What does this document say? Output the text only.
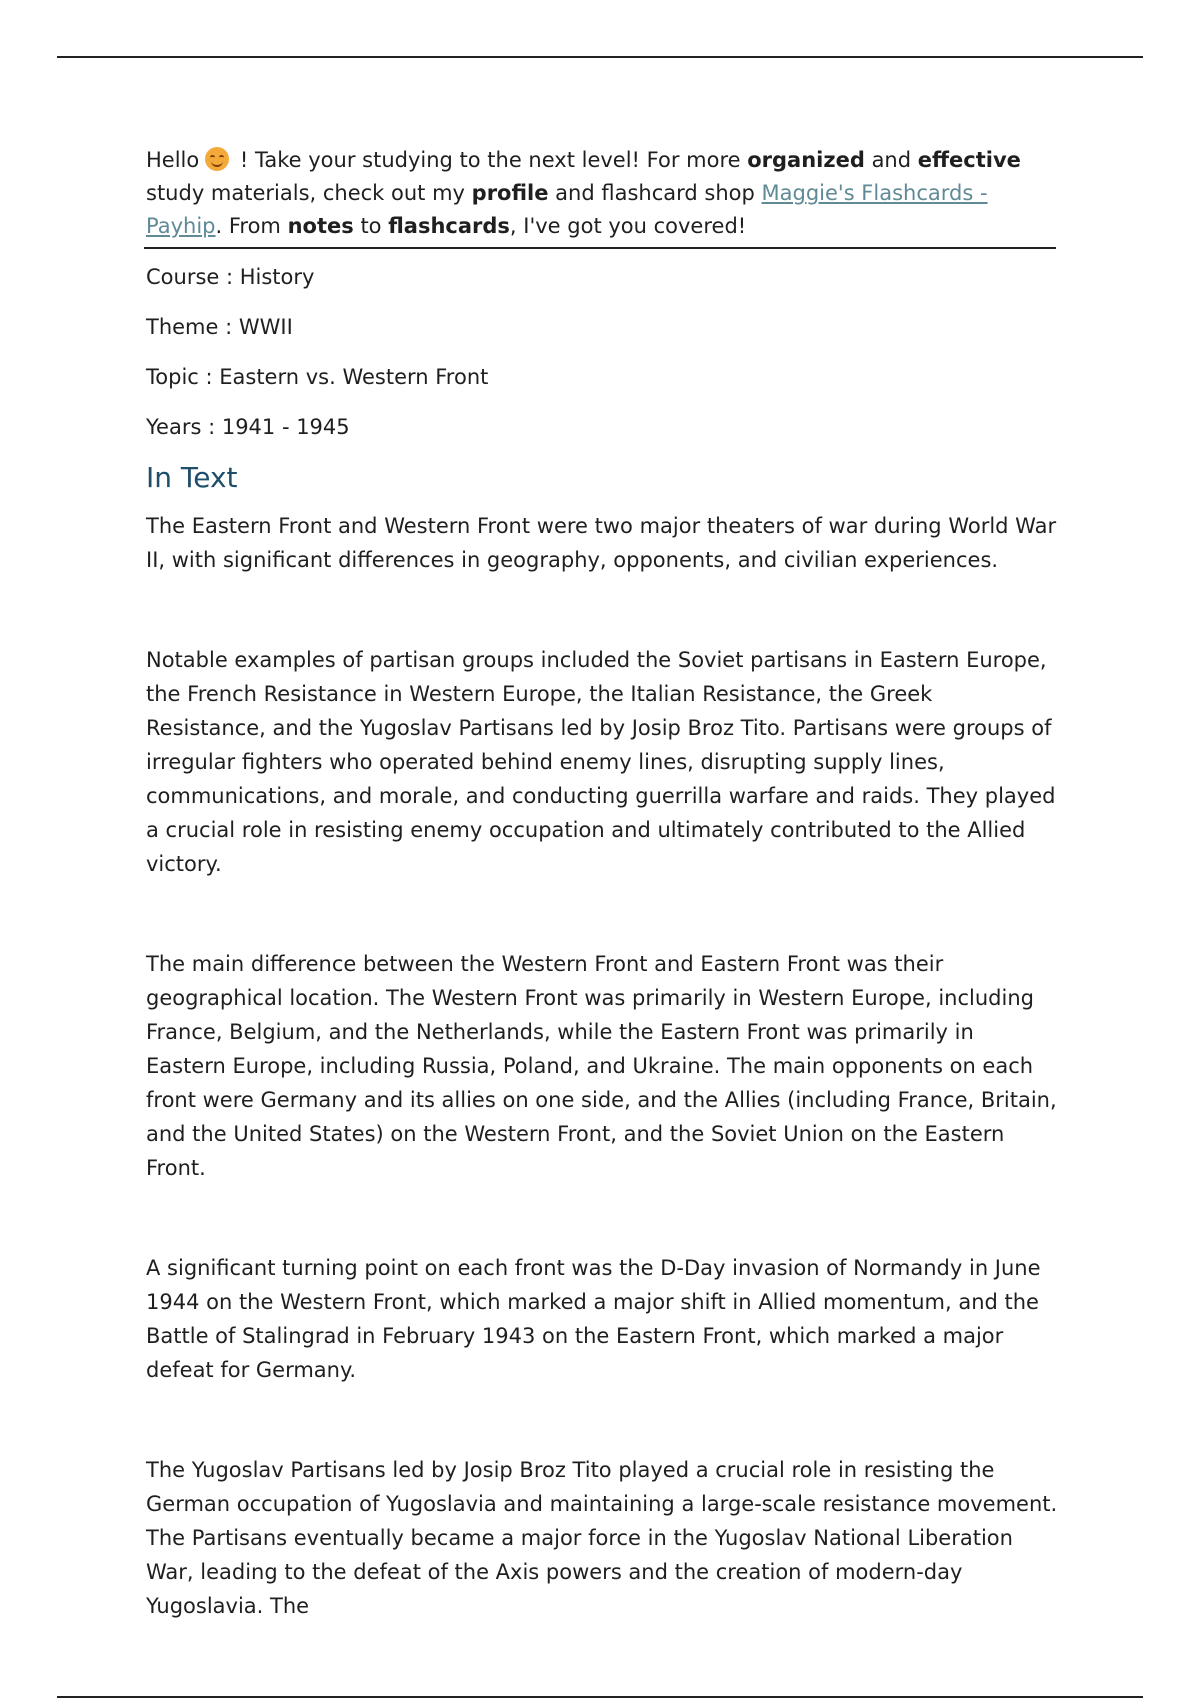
Hello ! Take your studying to the next level! For more organized and effective study materials, check out my profile and flashcard shop Maggie's Flashcards - Payhip. From notes to flashcards, I've got you covered!

Course : History
Theme : WWII
Topic : Eastern vs. Western Front
Years : 1941 - 1945
In Text

The Eastern Front and Western Front were two major theaters of war during World War II, with significant differences in geography, opponents, and civilian experiences.

Notable examples of partisan groups included the Soviet partisans in Eastern Europe, the French Resistance in Western Europe, the Italian Resistance, the Greek Resistance, and the Yugoslav Partisans led by Josip Broz Tito. Partisans were groups of irregular fighters who operated behind enemy lines, disrupting supply lines, communications, and morale, and conducting guerrilla warfare and raids. They played a crucial role in resisting enemy occupation and ultimately contributed to the Allied victory.

The main difference between the Western Front and Eastern Front was their geographical location. The Western Front was primarily in Western Europe, including France, Belgium, and the Netherlands, while the Eastern Front was primarily in Eastern Europe, including Russia, Poland, and Ukraine. The main opponents on each front were Germany and its allies on one side, and the Allies (including France, Britain, and the United States) on the Western Front, and the Soviet Union on the Eastern Front.

A significant turning point on each front was the D-Day invasion of Normandy in June 1944 on the Western Front, which marked a major shift in Allied momentum, and the Battle of Stalingrad in February 1943 on the Eastern Front, which marked a major defeat for Germany.

The Yugoslav Partisans led by Josip Broz Tito played a crucial role in resisting the German occupation of Yugoslavia and maintaining a large-scale resistance movement. The Partisans eventually became a major force in the Yugoslav National Liberation War, leading to the defeat of the Axis powers and the creation of modern-day Yugoslavia. The
